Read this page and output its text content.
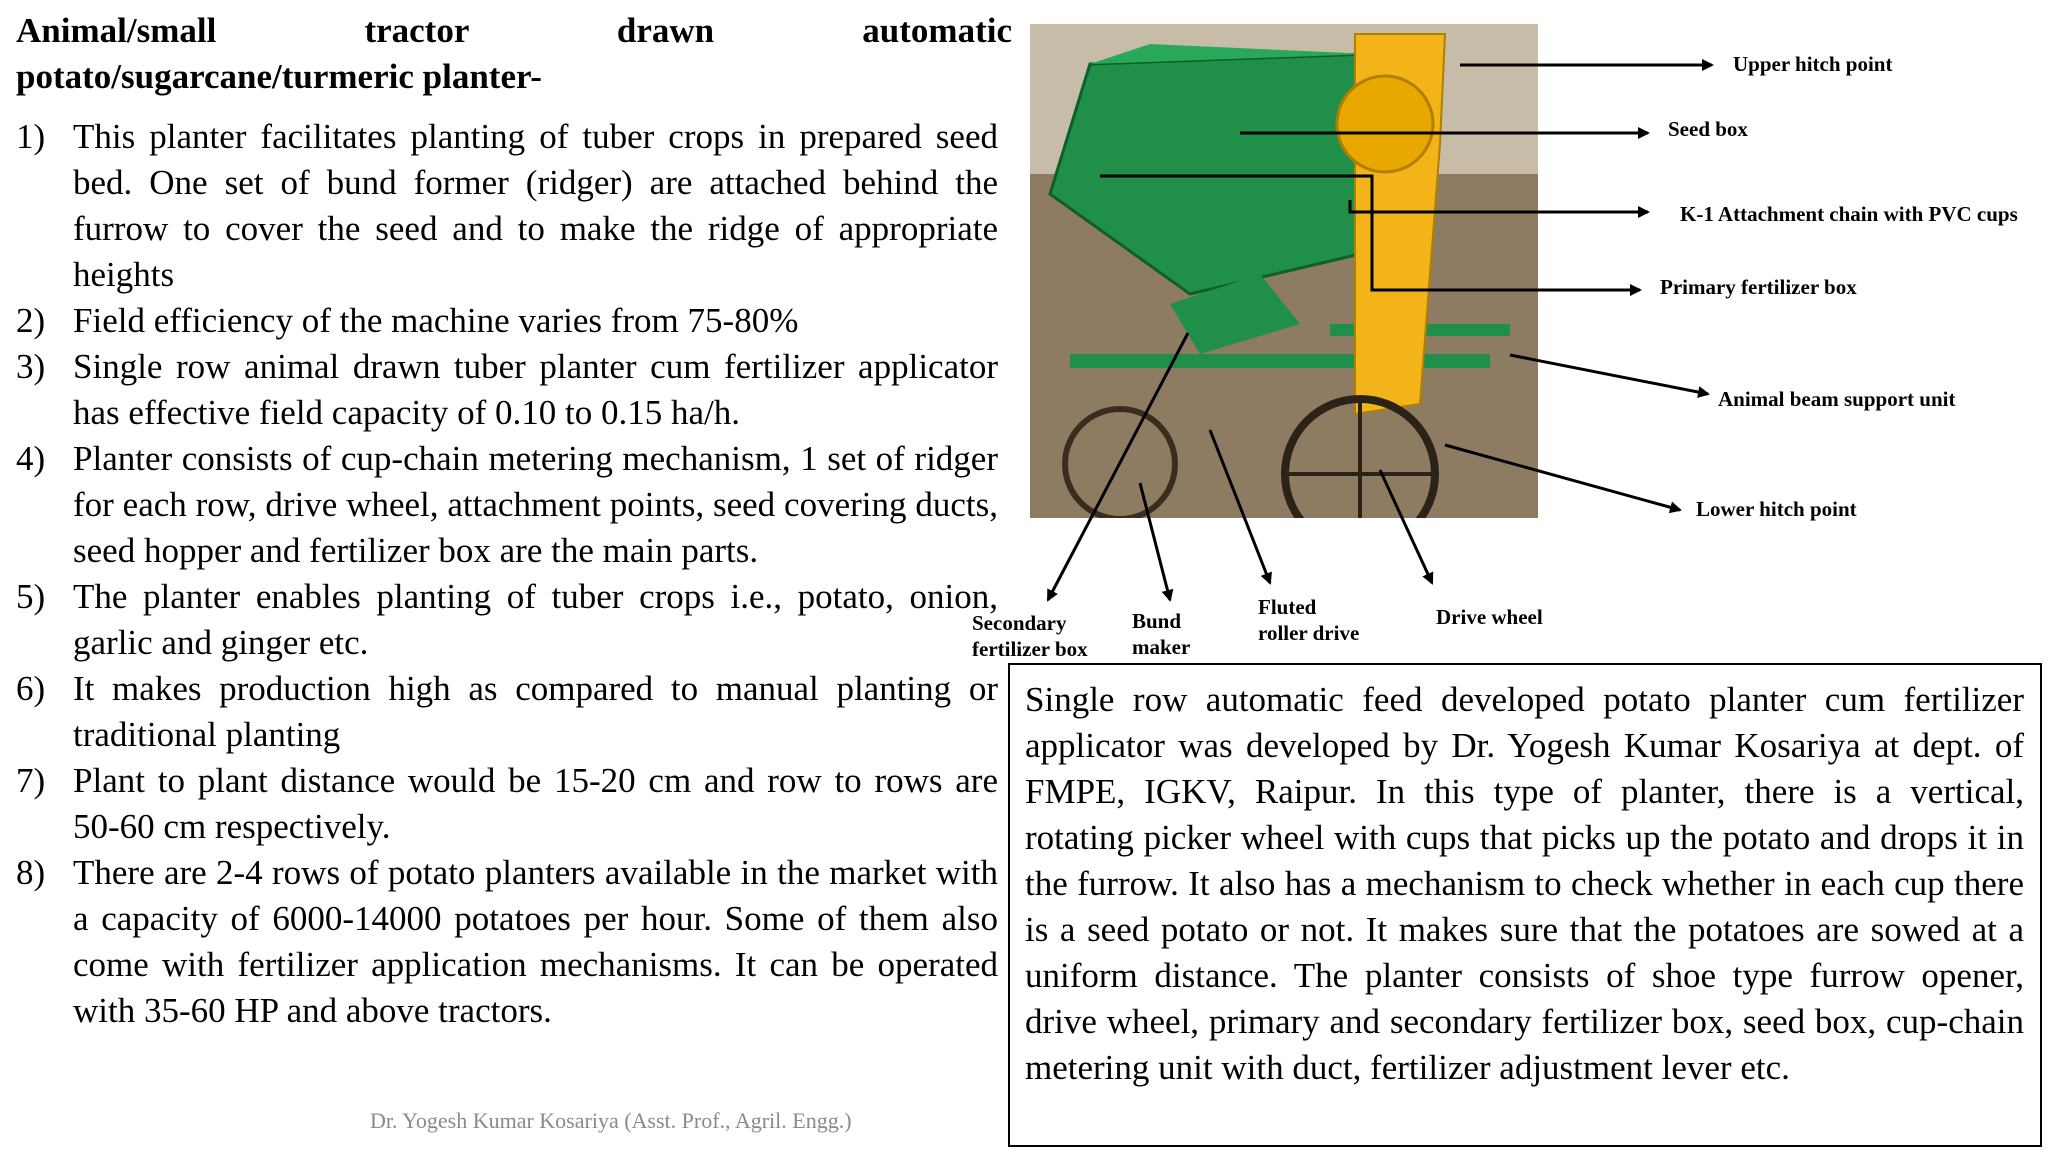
Animal/small tractor drawn automatic
potato/sugarcane/turmeric planter-
1) This planter facilitates planting of tuber crops in prepared seed bed. One set of bund former (ridger) are attached behind the furrow to cover the seed and to make the ridge of appropriate heights
2) Field efficiency of the machine varies from 75-80%
3) Single row animal drawn tuber planter cum fertilizer applicator has effective field capacity of 0.10 to 0.15 ha/h.
4) Planter consists of cup-chain metering mechanism, 1 set of ridger for each row, drive wheel, attachment points, seed covering ducts, seed hopper and fertilizer box are the main parts.
5) The planter enables planting of tuber crops i.e., potato, onion, garlic and ginger etc.
6) It makes production high as compared to manual planting or traditional planting
7) Plant to plant distance would be 15-20 cm and row to rows are 50-60 cm respectively.
8) There are 2-4 rows of potato planters available in the market with a capacity of 6000-14000 potatoes per hour. Some of them also come with fertilizer application mechanisms. It can be operated with 35-60 HP and above tractors.
Dr. Yogesh Kumar Kosariya (Asst. Prof., Agril. Engg.)
Upper hitch point
Seed box
K-1 Attachment chain with PVC cups
Primary fertilizer box
Animal beam support unit
Lower hitch point
Secondary
fertilizer box
Bund
maker
Fluted
roller drive
Drive wheel
Single row automatic feed developed potato planter cum fertilizer applicator was developed by Dr. Yogesh Kumar Kosariya at dept. of FMPE, IGKV, Raipur. In this type of planter, there is a vertical, rotating picker wheel with cups that picks up the potato and drops it in the furrow. It also has a mechanism to check whether in each cup there is a seed potato or not. It makes sure that the potatoes are sowed at a uniform distance. The planter consists of shoe type furrow opener, drive wheel, primary and secondary fertilizer box, seed box, cup-chain metering unit with duct, fertilizer adjustment lever etc.
